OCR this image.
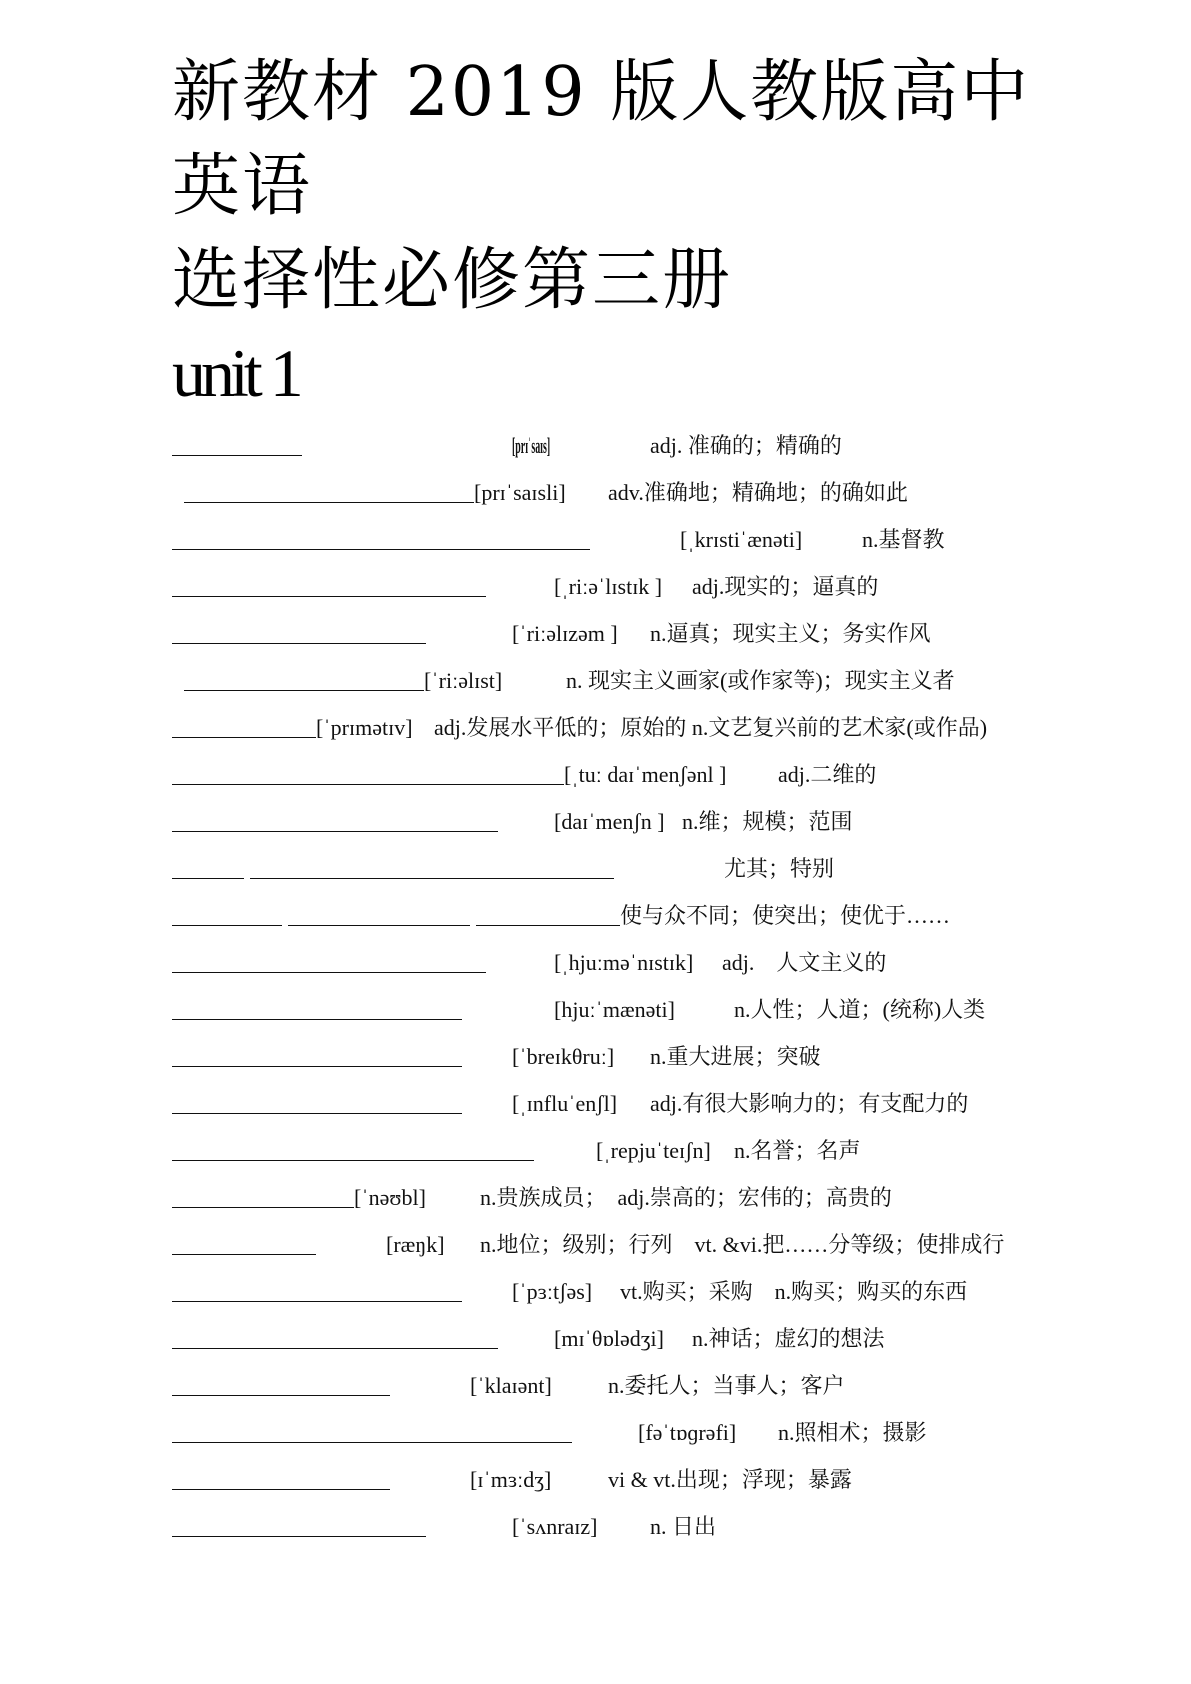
新教材 2019 版人教版高中
英语
选择性必修第三册
unit 1
[prɪˈsaɪs]	adj. 准确的；精确的
[prɪˈsaɪsli] adv.准确地；精确地；的确如此
[ˌkrɪstiˈænəti]	n.基督教
[ˌriːəˈlɪstɪk ] adj.现实的；逼真的
[ˈriːəlɪzəm ] n.逼真；现实主义；务实作风
[ˈriːəlɪst]	n. 现实主义画家(或作家等)；现实主义者
[ˈprɪmətɪv] adj.发展水平低的；原始的 n.文艺复兴前的艺术家(或作品)
[ˌtuː daɪˈmenʃənl ] adj.二维的
[daɪˈmenʃn ] n.维；规模；范围
尤其；特别
使与众不同；使突出；使优于……
[ˌhjuːməˈnɪstɪk] adj.　人文主义的
[hjuːˈmænəti]	n.人性；人道；(统称)人类
[ˈbreɪkθruː] n.重大进展；突破
[ˌɪnfluˈenʃl] adj.有很大影响力的；有支配力的
[ˌrepjuˈteɪʃn] n.名誉；名声
[ˈnəʊbl] n.贵族成员；　adj.崇高的；宏伟的；高贵的
[ræŋk] n.地位；级别；行列　vt. &vi.把……分等级；使排成行
[ˈpɜːtʃəs] vt.购买；采购　n.购买；购买的东西
[mɪˈθɒlədʒi] n.神话；虚幻的想法
[ˈklaɪənt]	n.委托人；当事人；客户
[fəˈtɒɡrəfi] n.照相术；摄影
[ɪˈmɜːdʒ]	vi & vt.出现；浮现；暴露
[ˈsʌnraɪz] n. 日出
